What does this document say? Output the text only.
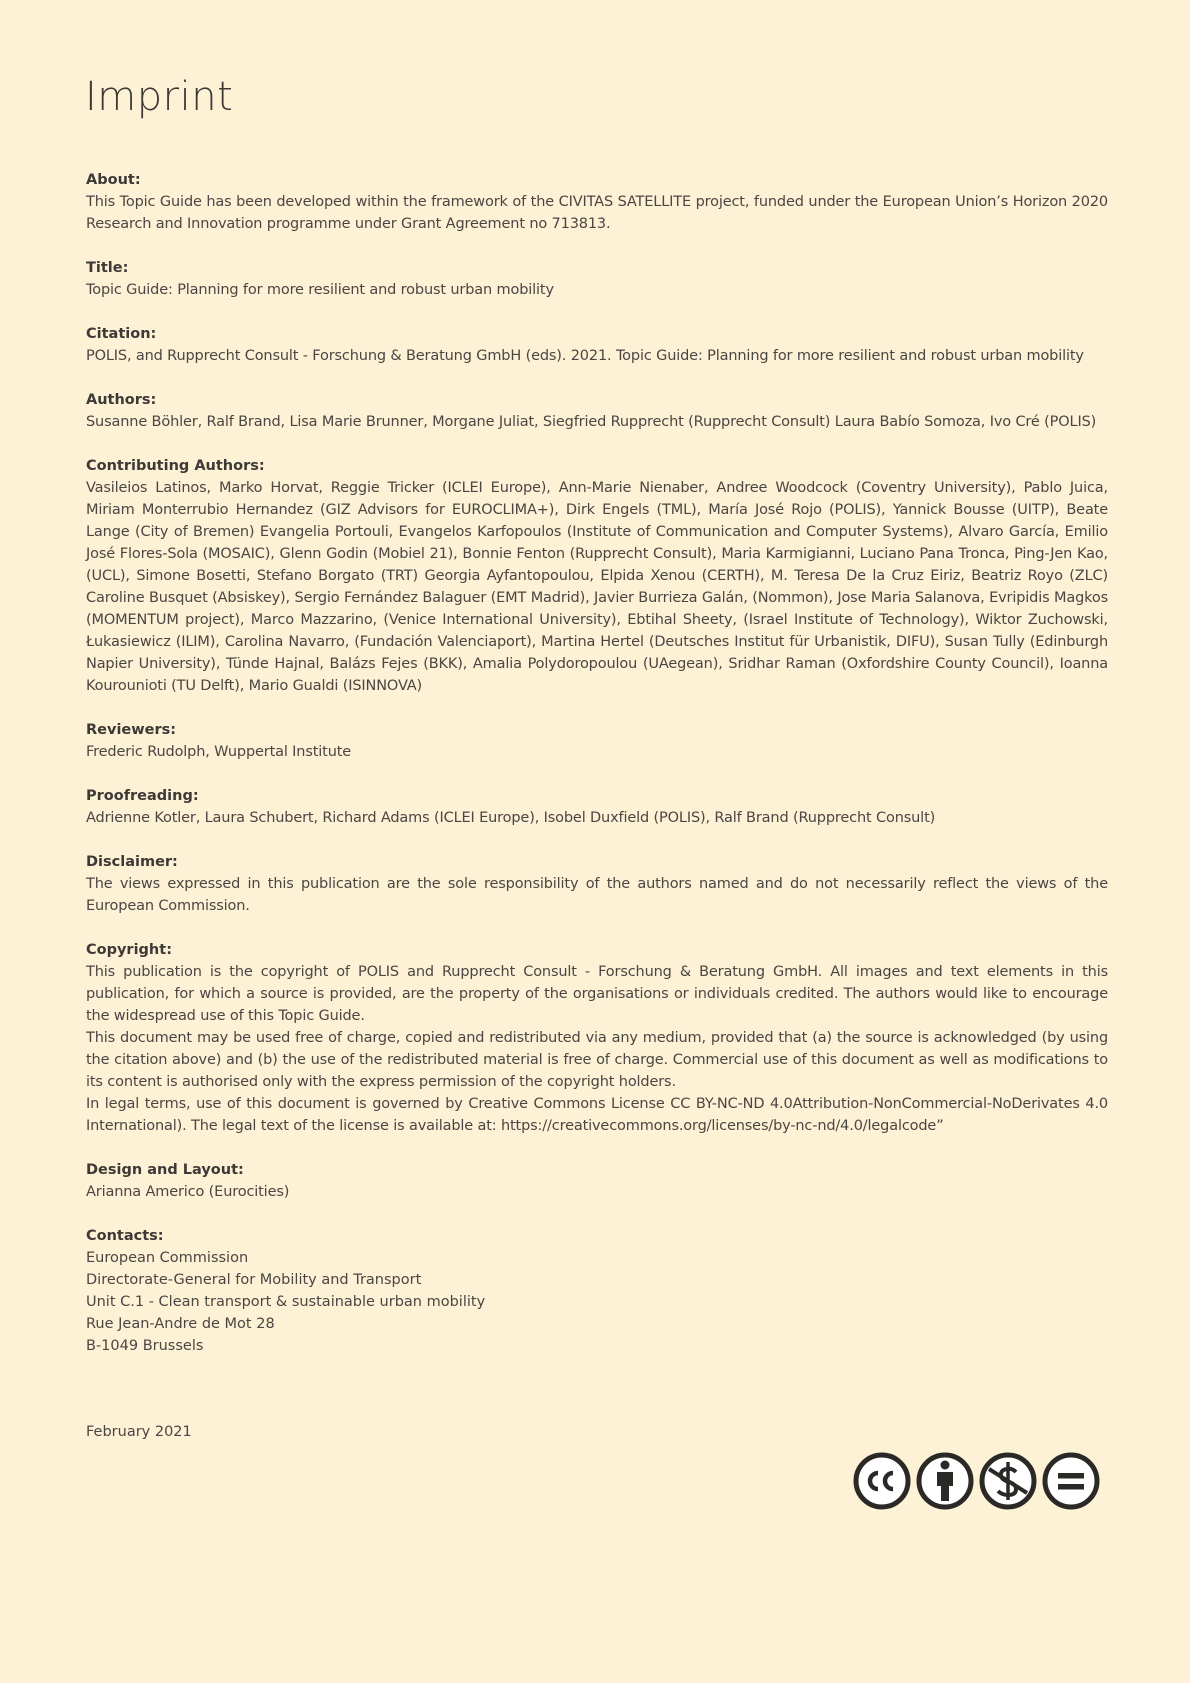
Imprint

About:

This Topic Guide has been developed within the framework of the CIVITAS SATELLITE project, funded under the European Union’s Horizon 2020 Research and Innovation programme under Grant Agreement no 713813.

Title:

Topic Guide: Planning for more resilient and robust urban mobility

Citation:

POLIS, and Rupprecht Consult - Forschung & Beratung GmbH (eds). 2021. Topic Guide: Planning for more resilient and robust urban mobility

Authors:

Susanne Böhler, Ralf Brand, Lisa Marie Brunner, Morgane Juliat, Siegfried Rupprecht (Rupprecht Consult) Laura Babío Somoza, Ivo Cré (POLIS)

Contributing Authors:

Vasileios Latinos, Marko Horvat, Reggie Tricker (ICLEI Europe), Ann-Marie Nienaber, Andree Woodcock (Coventry University), Pablo Juica, Miriam Monterrubio Hernandez (GIZ Advisors for EUROCLIMA+), Dirk Engels (TML), María José Rojo (POLIS), Yannick Bousse (UITP), Beate Lange (City of Bremen) Evangelia Portouli, Evangelos Karfopoulos (Institute of Communication and Computer Systems), Alvaro García, Emilio José Flores-Sola (MOSAIC), Glenn Godin (Mobiel 21), Bonnie Fenton (Rupprecht Consult), Maria Karmigianni, Luciano Pana Tronca, Ping-Jen Kao, (UCL), Simone Bosetti, Stefano Borgato (TRT) Georgia Ayfantopoulou, Elpida Xenou (CERTH), M. Teresa De la Cruz Eiriz, Beatriz Royo (ZLC) Caroline Busquet (Absiskey), Sergio Fernández Balaguer (EMT Madrid), Javier Burrieza Galán, (Nommon), Jose Maria Salanova, Evripidis Magkos (MOMENTUM project), Marco Mazzarino, (Venice International University), Ebtihal Sheety, (Israel Institute of Technology), Wiktor Zuchowski, Łukasiewicz (ILIM), Carolina Navarro, (Fundación Valenciaport), Martina Hertel (Deutsches Institut für Urbanistik, DIFU), Susan Tully (Edinburgh Napier University), Tünde Hajnal, Balázs Fejes (BKK), Amalia Polydoropoulou (UAegean), Sridhar Raman (Oxfordshire County Council), Ioanna Kourounioti (TU Delft), Mario Gualdi (ISINNOVA)

Reviewers:

Frederic Rudolph, Wuppertal Institute

Proofreading:

Adrienne Kotler, Laura Schubert, Richard Adams (ICLEI Europe), Isobel Duxfield (POLIS), Ralf Brand (Rupprecht Consult)

Disclaimer:

The views expressed in this publication are the sole responsibility of the authors named and do not necessarily reflect the views of the European Commission.

Copyright:

This publication is the copyright of POLIS and Rupprecht Consult - Forschung & Beratung GmbH. All images and text elements in this publication, for which a source is provided, are the property of the organisations or individuals credited. The authors would like to encourage the widespread use of this Topic Guide.

This document may be used free of charge, copied and redistributed via any medium, provided that (a) the source is acknowledged (by using the citation above) and (b) the use of the redistributed material is free of charge. Commercial use of this document as well as modifications to its content is authorised only with the express permission of the copyright holders.

In legal terms, use of this document is governed by Creative Commons License CC BY-NC-ND 4.0Attribution-NonCommercial-NoDerivates 4.0 International). The legal text of the license is available at: https://creativecommons.org/licenses/by-nc-nd/4.0/legalcode”

Design and Layout:

Arianna Americo (Eurocities)

Contacts:

European Commission
Directorate-General for Mobility and Transport
Unit C.1 - Clean transport & sustainable urban mobility
Rue Jean-Andre de Mot 28
B-1049 Brussels
February 2021
